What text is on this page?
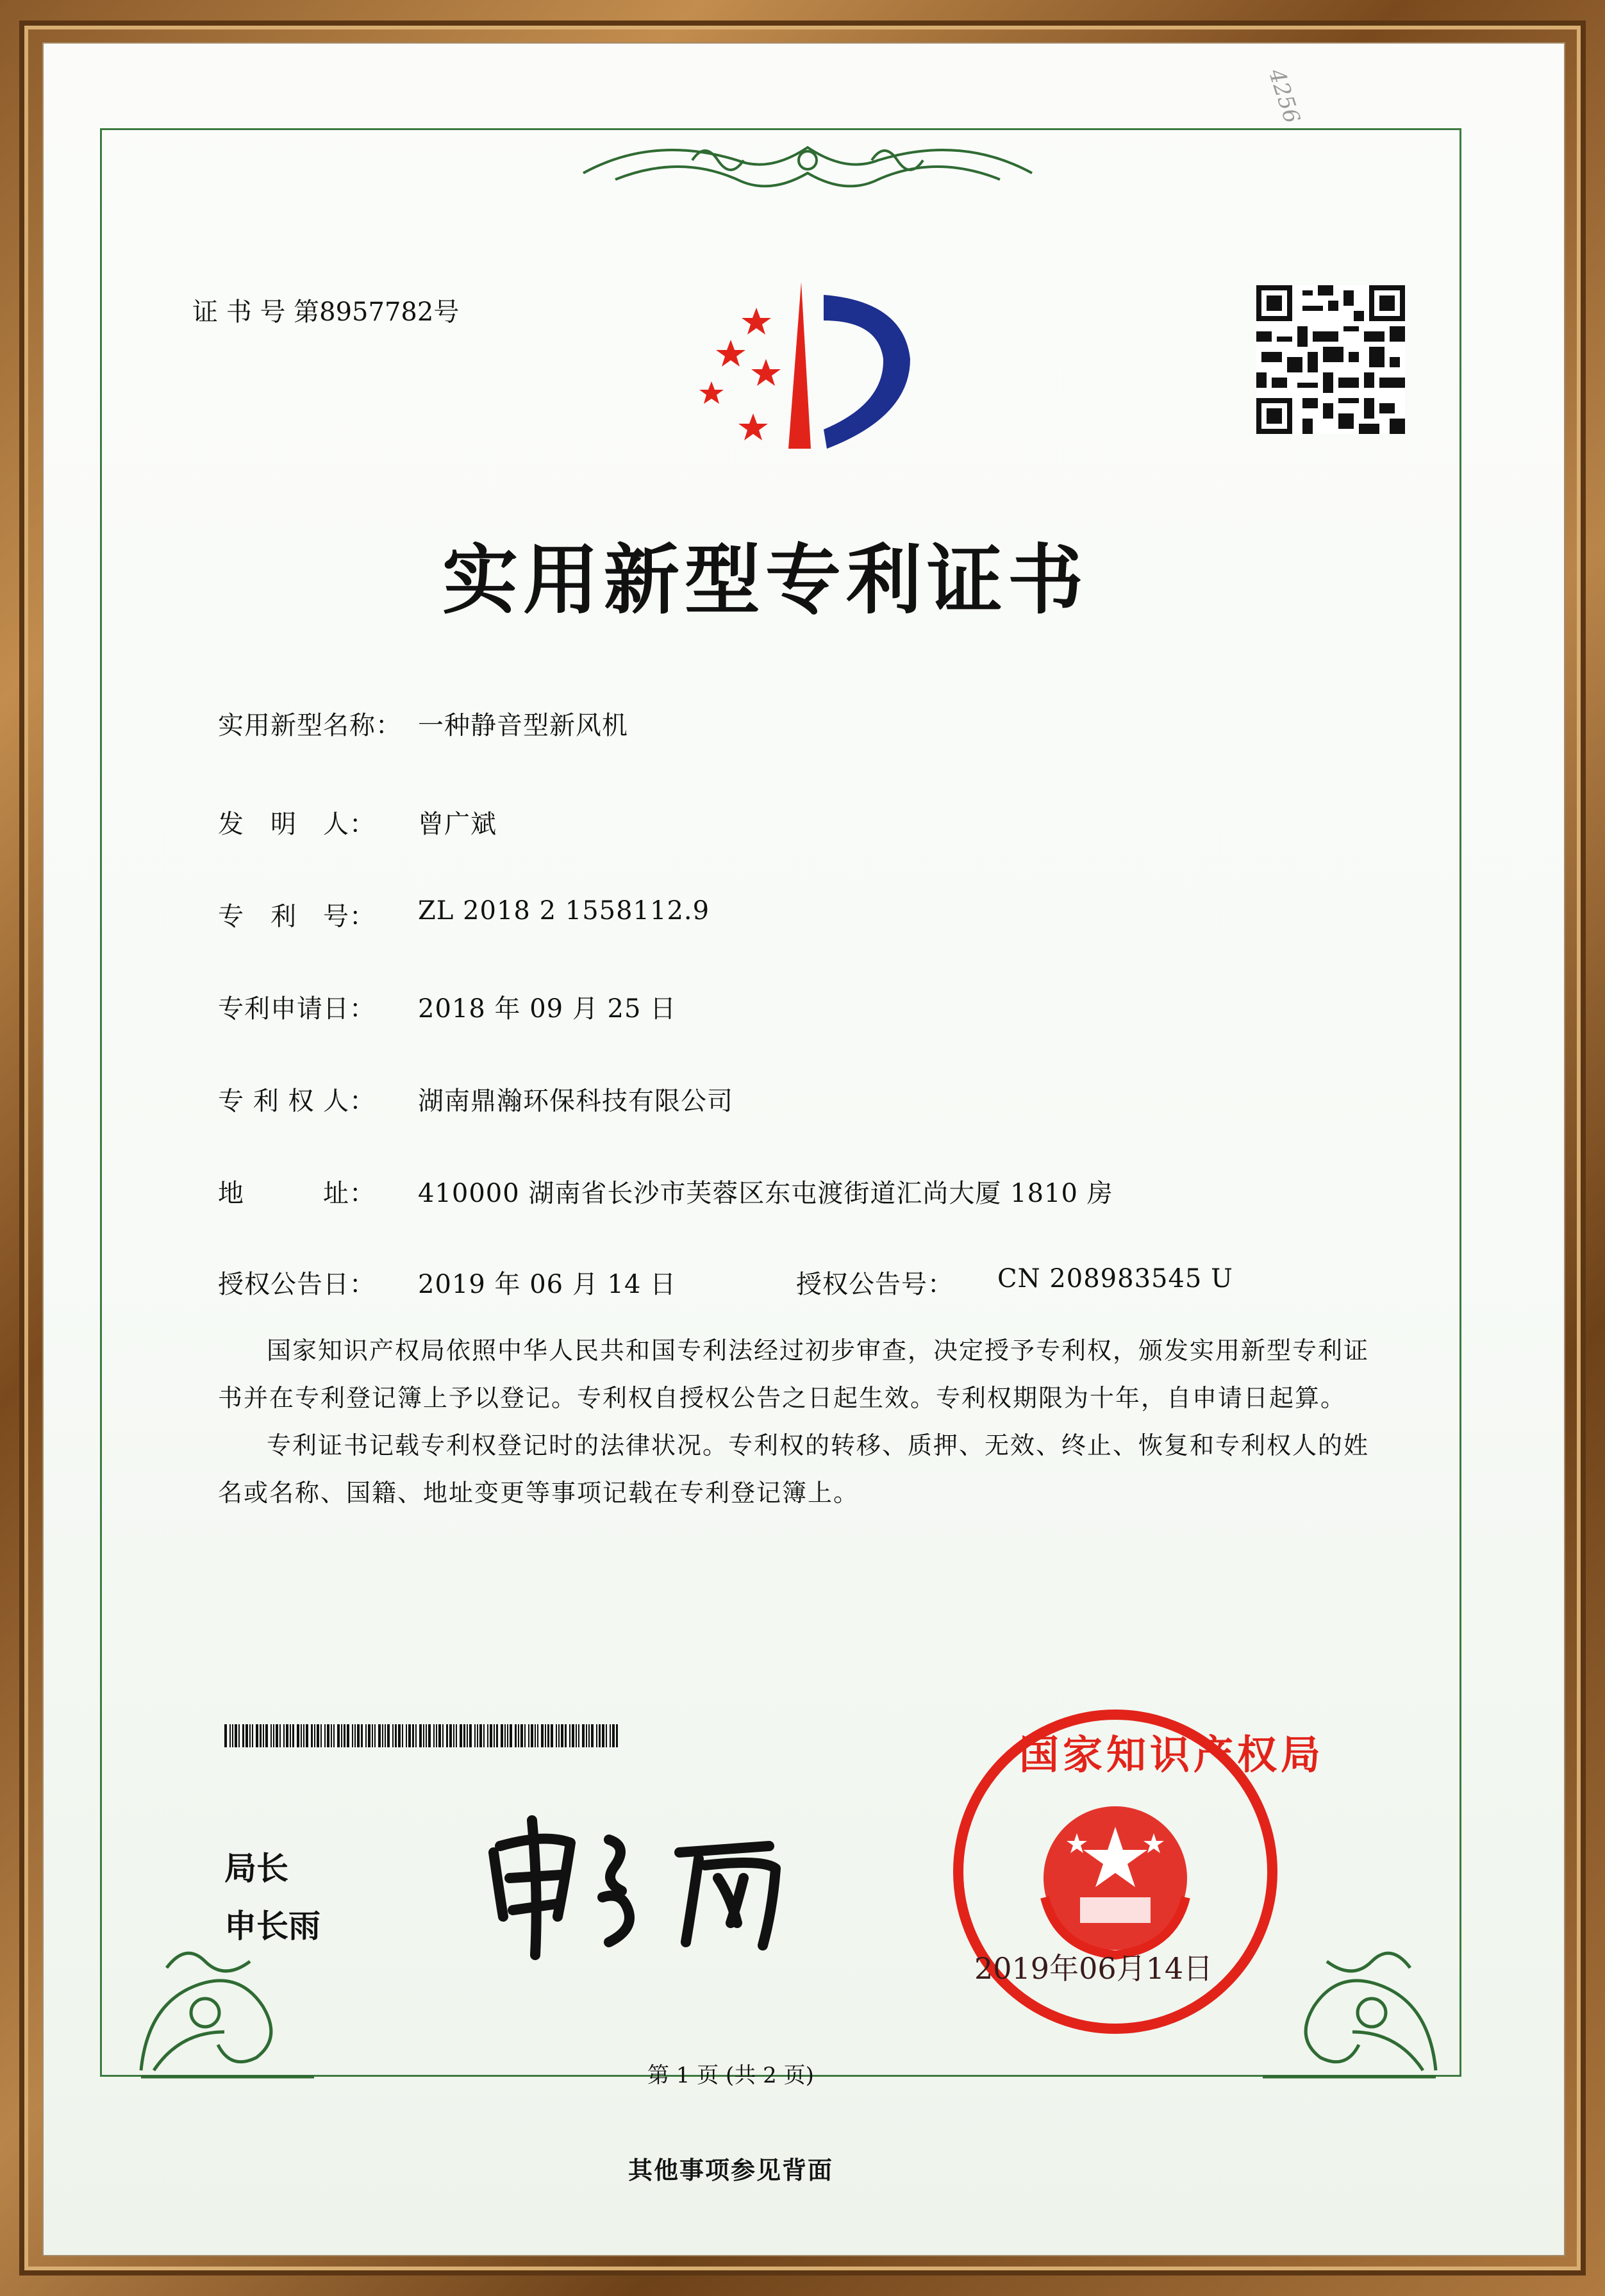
4256
证 书 号 第8957782号
实用新型专利证书
实用新型名称： 一种静音型新风机
发　明　人： 曾广斌
专　利　号： ZL 2018 2 1558112.9
专利申请日： 2018 年 09 月 25 日
专 利 权 人： 湖南鼎瀚环保科技有限公司
地　　　址： 410000 湖南省长沙市芙蓉区东屯渡街道汇尚大厦 1810 房
授权公告日： 2019 年 06 月 14 日	授权公告号： CN 208983545 U

国家知识产权局依照中华人民共和国专利法经过初步审查，决定授予专利权，颁发实用新型专利证书并在专利登记簿上予以登记。专利权自授权公告之日起生效。专利权期限为十年，自申请日起算。

专利证书记载专利权登记时的法律状况。专利权的转移、质押、无效、终止、恢复和专利权人的姓名或名称、国籍、地址变更等事项记载在专利登记簿上。

局长
申长雨
国家知识产权局
2019年06月14日
第 1 页 (共 2 页)
其他事项参见背面
